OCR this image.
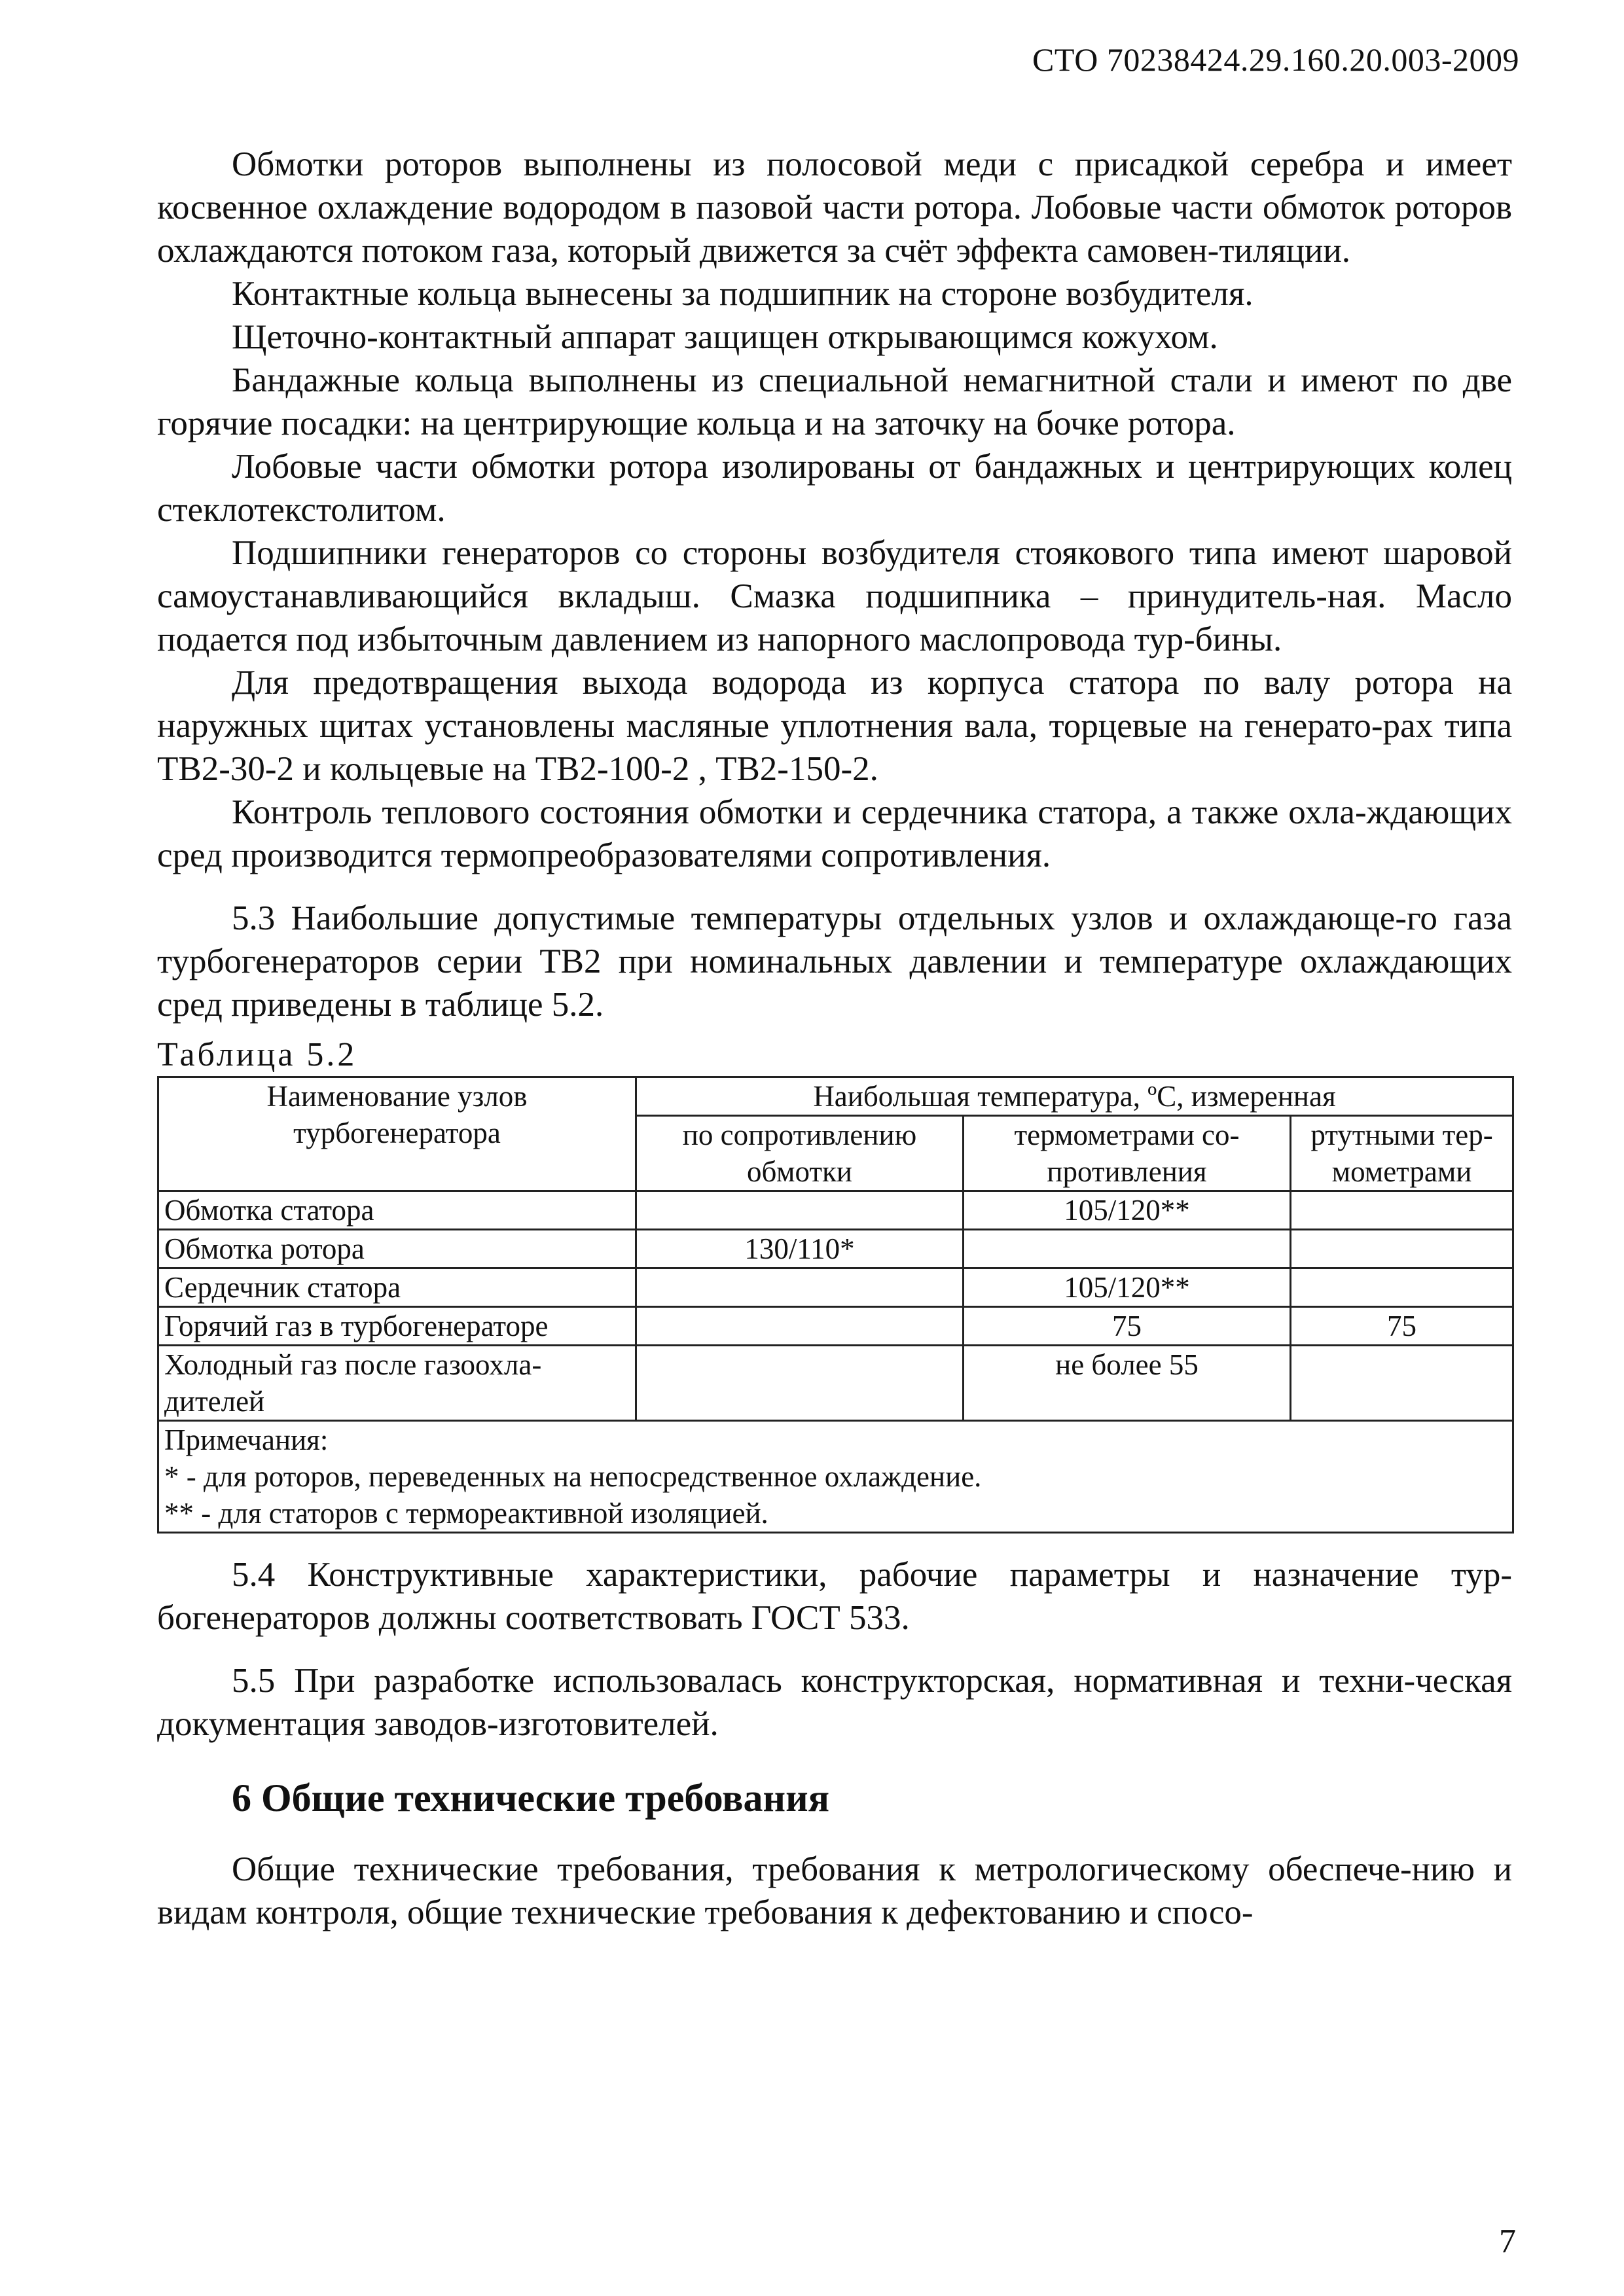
СТО 70238424.29.160.20.003-2009

Обмотки роторов выполнены из полосовой меди с присадкой серебра и имеет косвенное охлаждение водородом в пазовой части ротора. Лобовые части обмоток роторов охлаждаются потоком газа, который движется за счёт эффекта самовен-тиляции.

Контактные кольца вынесены за подшипник на стороне возбудителя.

Щеточно-контактный аппарат защищен открывающимся кожухом.

Бандажные кольца выполнены из специальной немагнитной стали и имеют по две горячие посадки: на центрирующие кольца и на заточку на бочке ротора.

Лобовые части обмотки ротора изолированы от бандажных и центрирующих колец стеклотекстолитом.

Подшипники генераторов со стороны возбудителя стоякового типа имеют шаровой самоустанавливающийся вкладыш. Смазка подшипника – принудитель-ная. Масло подается под избыточным давлением из напорного маслопровода тур-бины.

Для предотвращения выхода водорода из корпуса статора по валу ротора на наружных щитах установлены масляные уплотнения вала, торцевые на генерато-рах типа ТВ2-30-2 и кольцевые на ТВ2-100-2 , ТВ2-150-2.

Контроль теплового состояния обмотки и сердечника статора, а также охла-ждающих сред производится термопреобразователями сопротивления.

5.3 Наибольшие допустимые температуры отдельных узлов и охлаждающе-го газа турбогенераторов серии ТВ2 при номинальных давлении и температуре охлаждающих сред приведены в таблице 5.2.

Таблица 5.2
Наименование узлов турбогенератора	Наибольшая температура, ºС, измеренная		
	по сопротивлению обмотки	термометрами со-противления	ртутными тер-мометрами
Обмотка статора		105/120**	
Обмотка ротора	130/110*		
Сердечник статора		105/120**	
Горячий газ в турбогенераторе		75	75
Холодный газ после газоохла-дителей		не более 55	

Примечания:
* - для роторов, переведенных на непосредственное охлаждение.
** - для статоров с термореактивной изоляцией.			

5.4 Конструктивные характеристики, рабочие параметры и назначение тур-богенераторов должны соответствовать ГОСТ 533.

5.5 При разработке использовалась конструкторская, нормативная и техни-ческая документация заводов-изготовителей.

6 Общие технические требования

Общие технические требования, требования к метрологическому обеспече-нию и видам контроля, общие технические требования к дефектованию и спосо-

7
